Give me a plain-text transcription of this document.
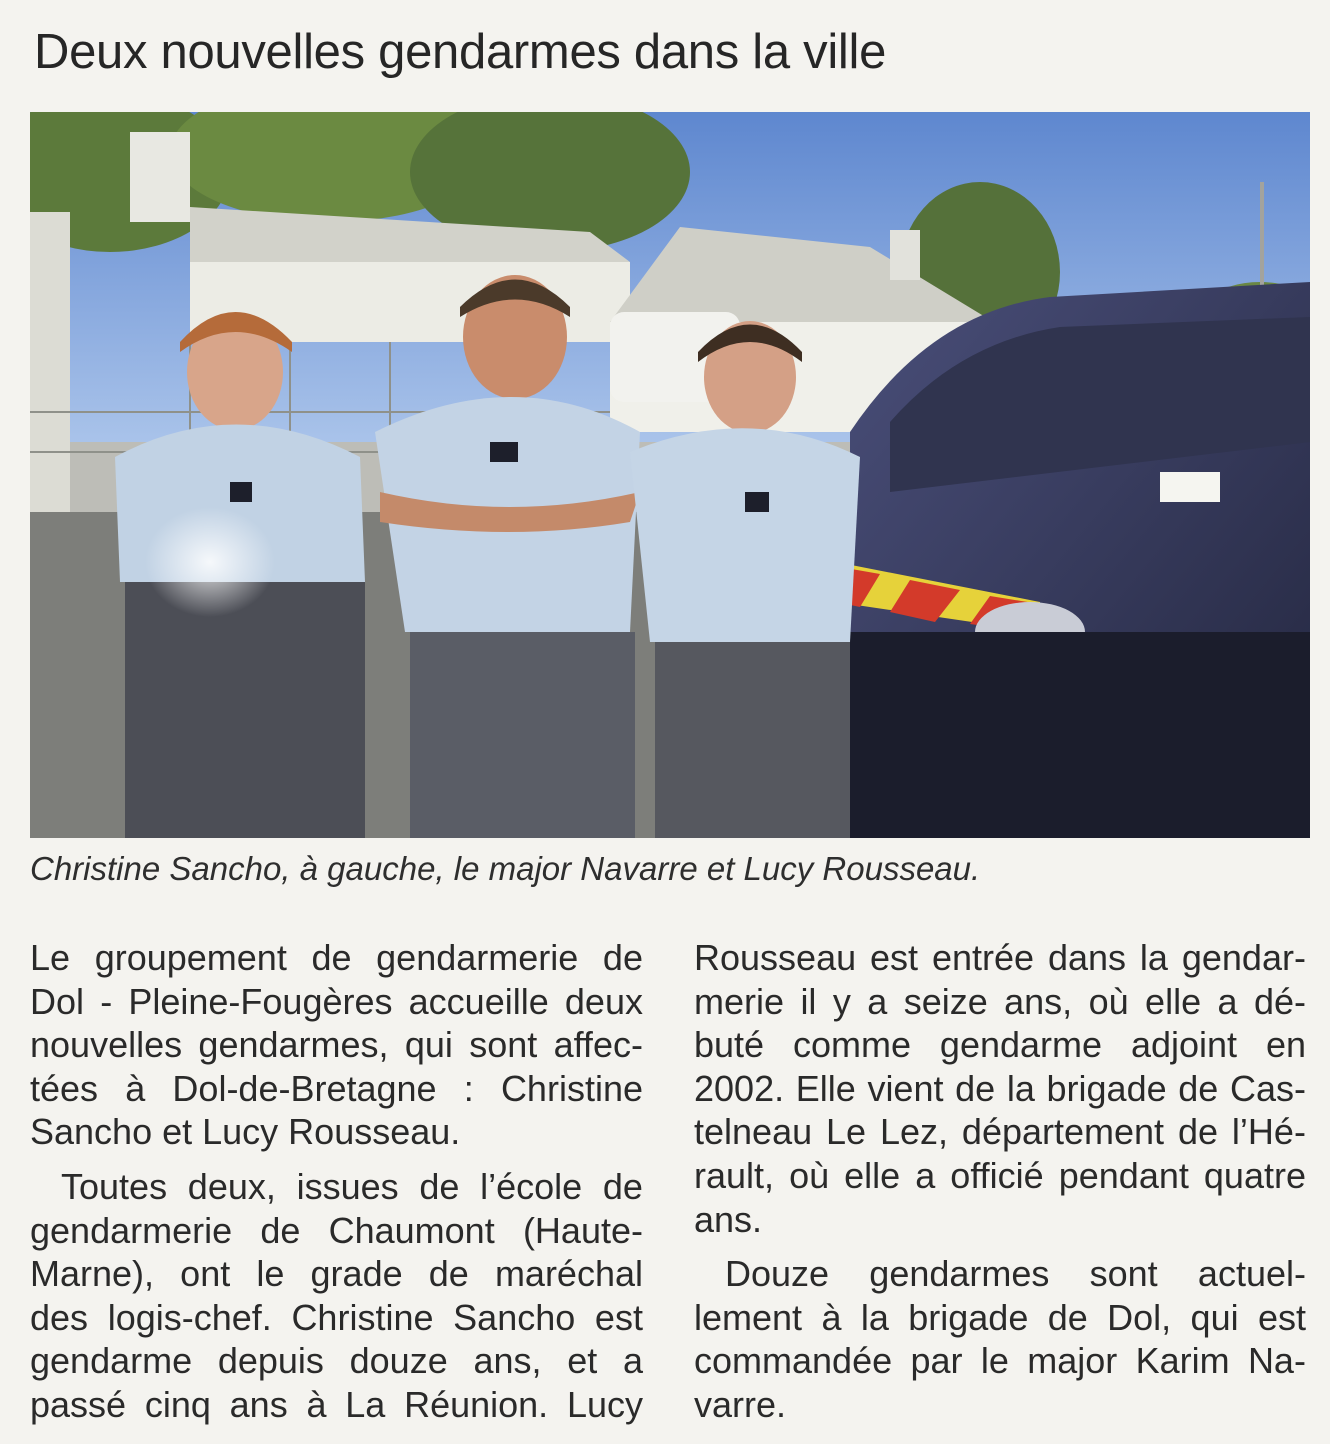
Deux nouvelles gendarmes dans la ville

Christine Sancho, à gauche, le major Navarre et Lucy Rousseau.

Le groupement de gendarmerie de
Dol - Pleine-Fougères accueille deux
nouvelles gendarmes, qui sont affec-
tées à Dol-de-Bretagne : Christine
Sancho et Lucy Rousseau.
Toutes deux, issues de l’école de
gendarmerie de Chaumont (Haute-
Marne), ont le grade de maréchal
des logis-chef. Christine Sancho est
gendarme depuis douze ans, et a
passé cinq ans à La Réunion. Lucy
Rousseau est entrée dans la gendar-
merie il y a seize ans, où elle a dé-
buté comme gendarme adjoint en
2002. Elle vient de la brigade de Cas-
telneau Le Lez, département de l’Hé-
rault, où elle a officié pendant quatre
ans.
Douze gendarmes sont actuel-
lement à la brigade de Dol, qui est
commandée par le major Karim Na-
varre.
